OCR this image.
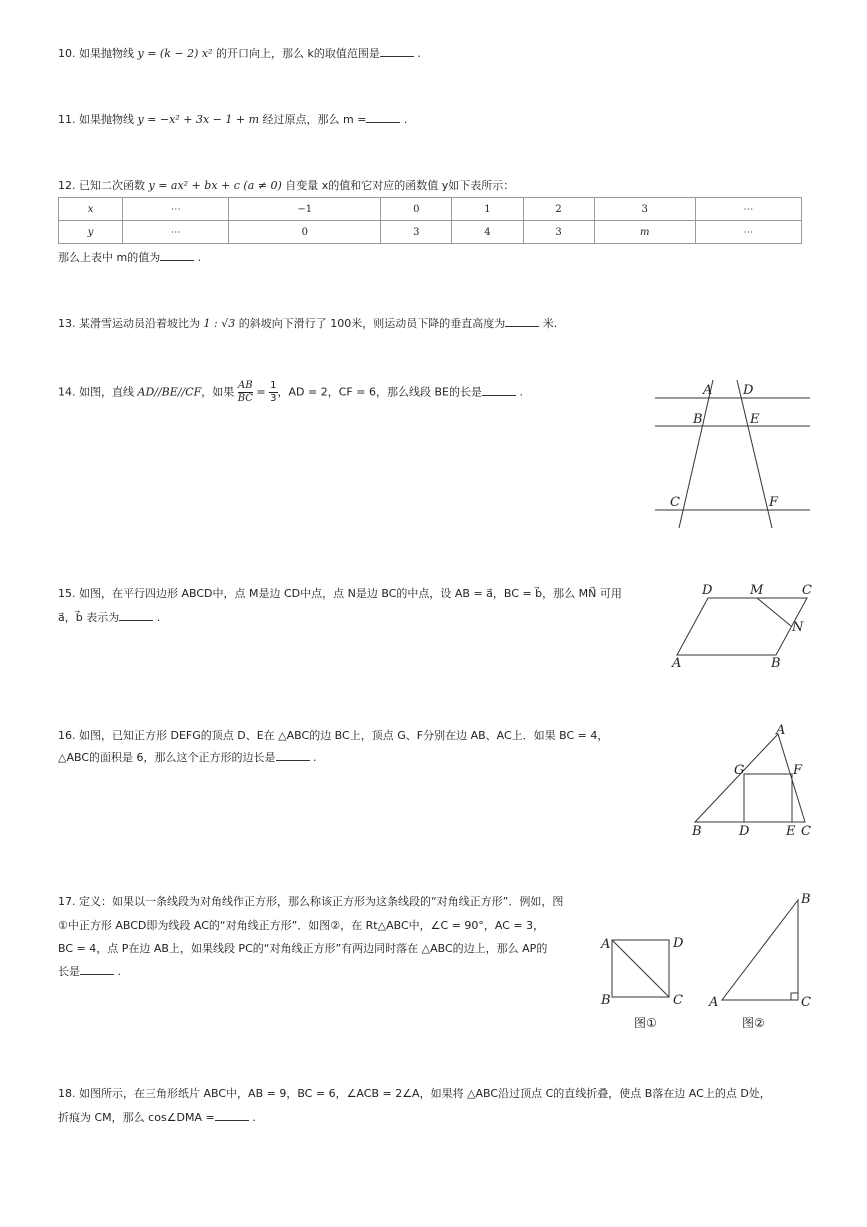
10. 如果抛物线 y = (k − 2) x² 的开口向上，那么 k的取值范围是	.
11. 如果抛物线 y = −x² + 3x − 1 + m 经过原点，那么 m =	.
12. 已知二次函数 y = ax² + bx + c (a ≠ 0) 自变量 x的值和它对应的函数值 y如下表所示：
x	⋯	−1	0	1	2	3	⋯
y	⋯	0	3	4	3	m	⋯
那么上表中 m的值为	.
13. 某滑雪运动员沿着坡比为 1 : √3 的斜坡向下滑行了 100米，则运动员下降的垂直高度为	米.
14. 如图，直线 AD//BE//CF，如果 $\frac{AB}{BC} = \frac{1}{3}$ ，AD = 2，CF = 6，那么线段 BE的长是	.	A D
B	E
C	F
15. 如图，在平行四边形 ABCD中，点 M是边 CD中点，点 N是边 BC的中点，设 AB = a⃗，BC = b⃗，那么 MN⃗ 可用
a⃗，b⃗ 表示为	.
D	M	C
N
A	B
16. 如图，已知正方形 DEFG的顶点 D、E在 △ABC的边 BC上，顶点 G、F分别在边 AB、AC上．如果 BC = 4，
△ABC的面积是 6，那么这个正方形的边长是	.
A
G	F
B	D	E C
17. 定义：如果以一条线段为对角线作正方形，那么称该正方形为这条线段的“对角线正方形”．例如，图
①中正方形 ABCD即为线段 AC的“对角线正方形”．如图②，在 Rt△ABC中，∠C = 90°，AC = 3，
BC = 4，点 P在边 AB上，如果线段 PC的“对角线正方形”有两边同时落在 △ABC的边上，那么 AP的
长是	.
A	D
B	C
图①
B
A	C
图②
18. 如图所示，在三角形纸片 ABC中，AB = 9，BC = 6，∠ACB = 2∠A，如果将 △ABC沿过顶点 C的直线折叠，使点 B落在边 AC上的点 D处，
折痕为 CM，那么 cos∠DMA =	.
